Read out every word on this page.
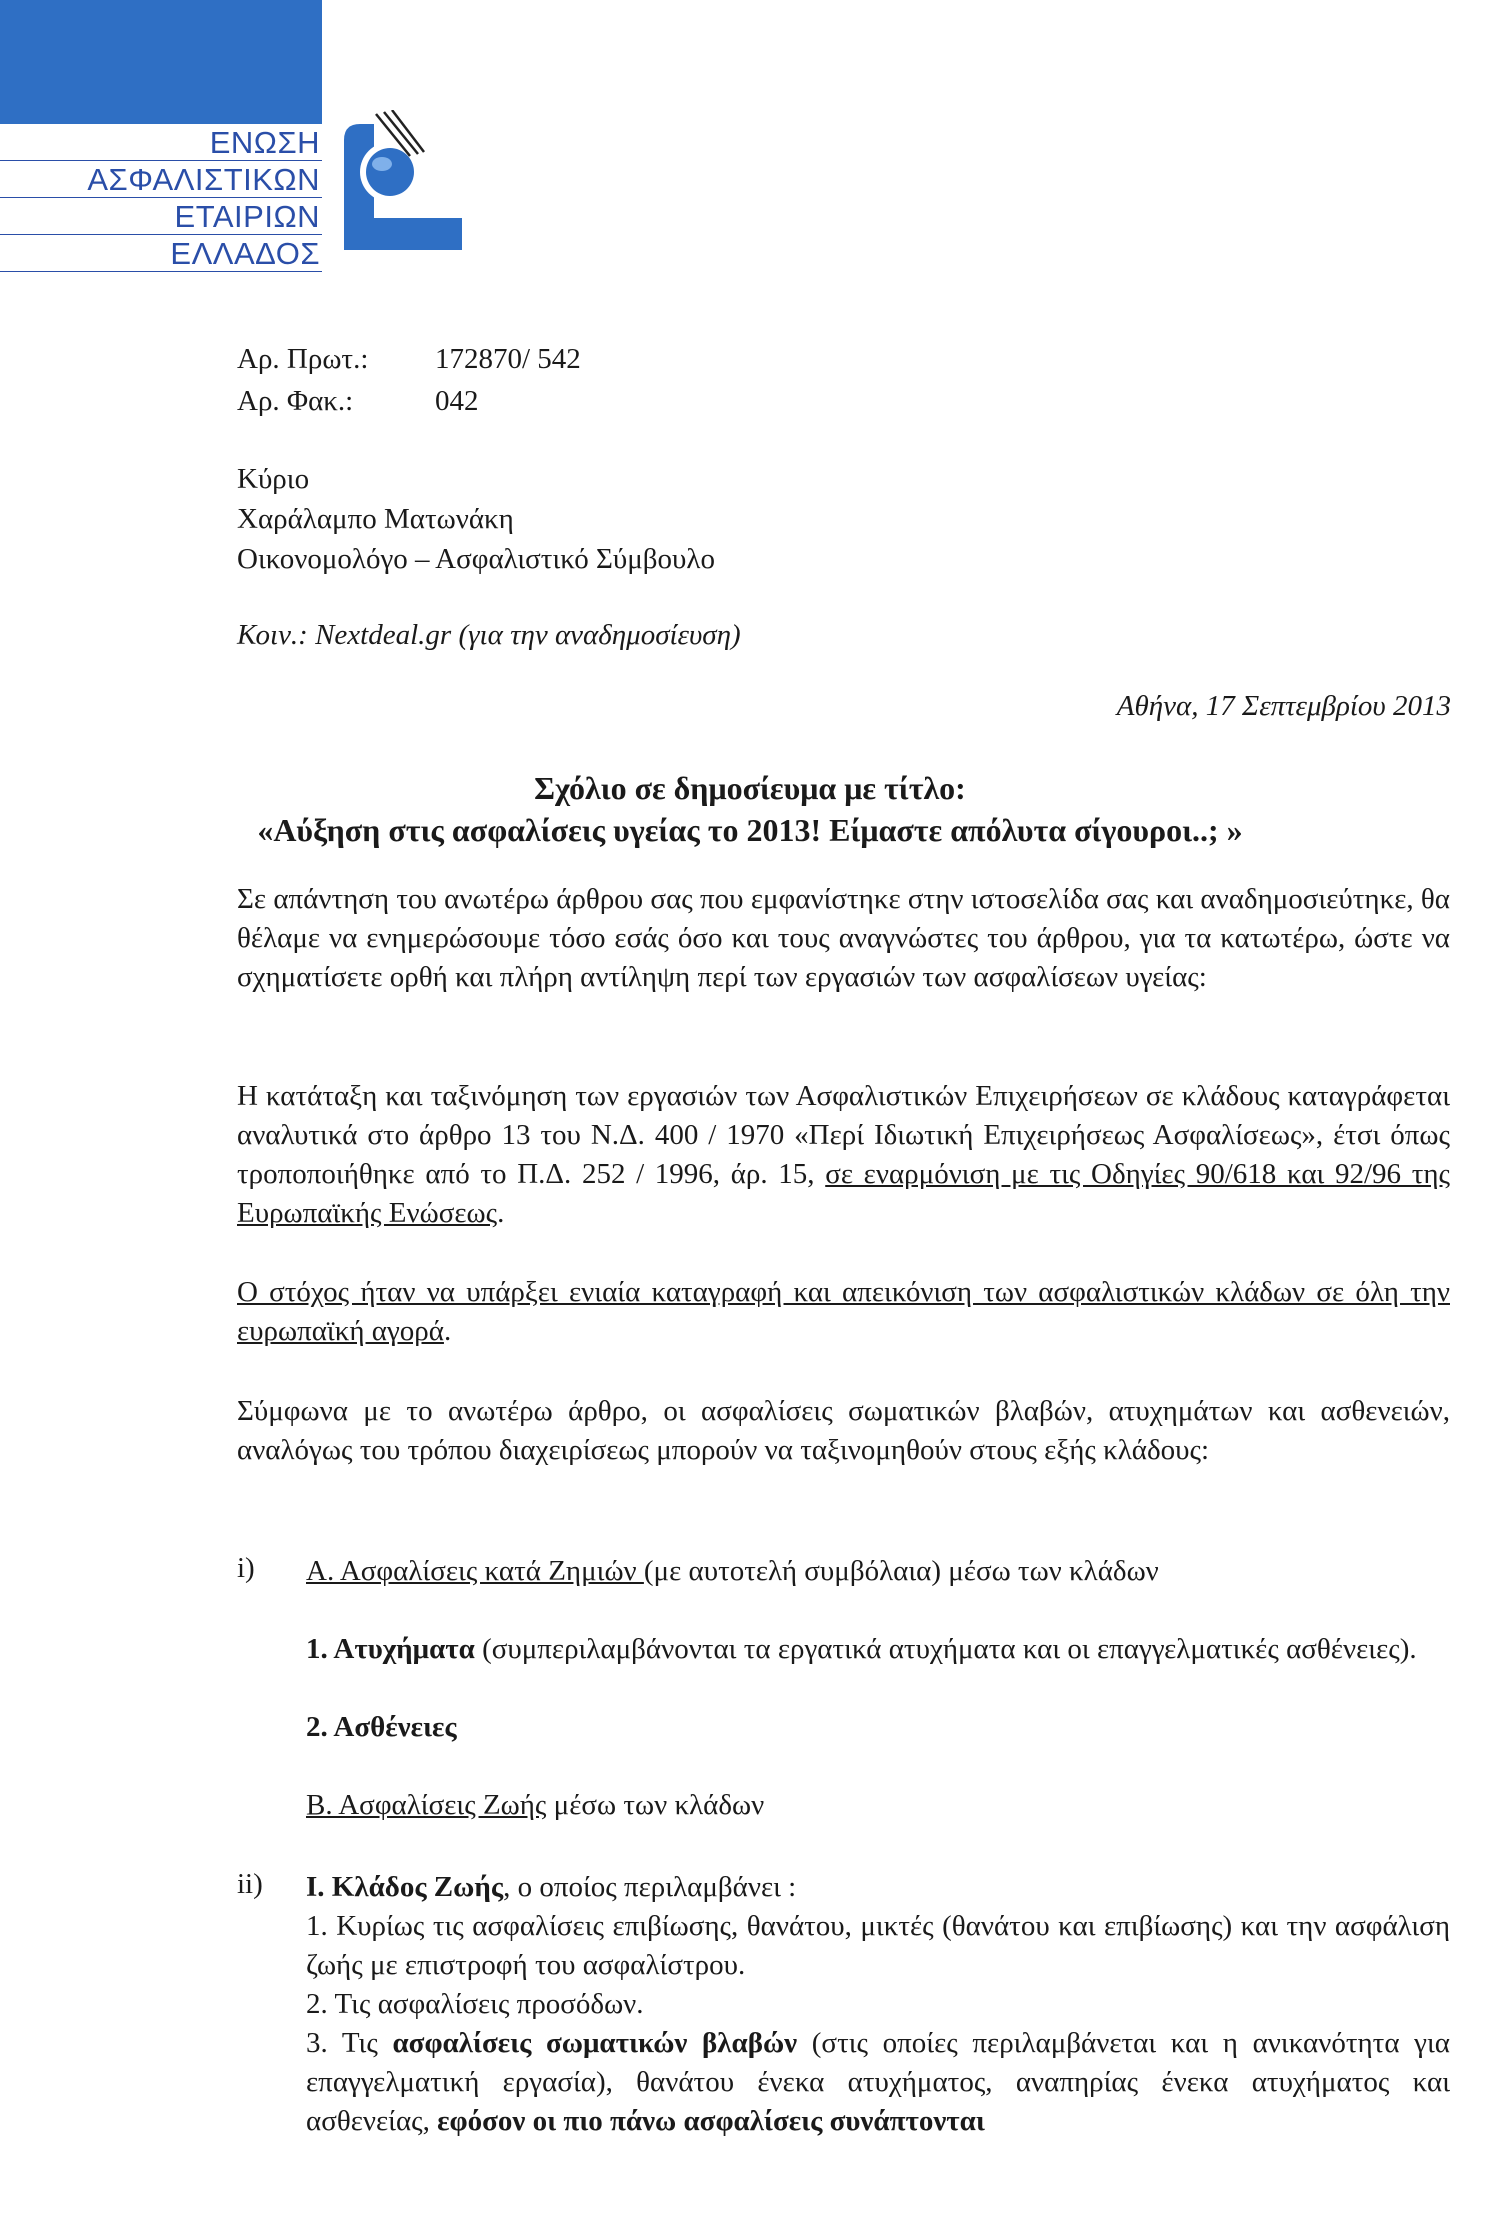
ΕΝΩΣΗ
ΑΣΦΑΛΙΣΤΙΚΩΝ
ΕΤΑΙΡΙΩΝ
ΕΛΛΑΔΟΣ
Αρ. Πρωτ.: 172870/ 542
Αρ. Φακ.:	042
Κύριο
Χαράλαμπο Ματωνάκη
Οικονομολόγο – Ασφαλιστικό Σύμβουλο
Κοιν.: Nextdeal.gr (για την αναδημοσίευση)
Αθήνα, 17 Σεπτεμβρίου 2013
Σχόλιο σε δημοσίευμα με τίτλο:
«Αύξηση στις ασφαλίσεις υγείας το 2013! Είμαστε απόλυτα σίγουροι..; »
Σε απάντηση του ανωτέρω άρθρου σας που εμφανίστηκε στην ιστοσελίδα σας και αναδημοσιεύτηκε, θα θέλαμε να ενημερώσουμε τόσο εσάς όσο και τους αναγνώστες του άρθρου, για τα κατωτέρω, ώστε να σχηματίσετε ορθή και πλήρη αντίληψη περί των εργασιών των ασφαλίσεων υγείας:
Η κατάταξη και ταξινόμηση των εργασιών των Ασφαλιστικών Επιχειρήσεων σε κλάδους καταγράφεται αναλυτικά στο άρθρο 13 του Ν.Δ. 400 / 1970 «Περί Ιδιωτική Επιχειρήσεως Ασφαλίσεως», έτσι όπως τροποποιήθηκε από το Π.Δ. 252 / 1996, άρ. 15, σε εναρμόνιση με τις Οδηγίες 90/618 και 92/96 της Ευρωπαϊκής Ενώσεως.
Ο στόχος ήταν να υπάρξει ενιαία καταγραφή και απεικόνιση των ασφαλιστικών κλάδων σε όλη την ευρωπαϊκή αγορά.
Σύμφωνα με το ανωτέρω άρθρο, οι ασφαλίσεις σωματικών βλαβών, ατυχημάτων και ασθενειών, αναλόγως του τρόπου διαχειρίσεως μπορούν να ταξινομηθούν στους εξής κλάδους:
i) Α. Ασφαλίσεις κατά Ζημιών (με αυτοτελή συμβόλαια) μέσω των κλάδων
1. Ατυχήματα (συμπεριλαμβάνονται τα εργατικά ατυχήματα και οι επαγγελματικές ασθένειες).
2. Ασθένειες
Β. Ασφαλίσεις Ζωής μέσω των κλάδων
ii) Ι. Κλάδος Ζωής, ο οποίος περιλαμβάνει :
1. Κυρίως τις ασφαλίσεις επιβίωσης, θανάτου, μικτές (θανάτου και επιβίωσης) και την ασφάλιση ζωής με επιστροφή του ασφαλίστρου.
2. Τις ασφαλίσεις προσόδων.
3. Τις ασφαλίσεις σωματικών βλαβών (στις οποίες περιλαμβάνεται και η ανικανότητα για επαγγελματική εργασία), θανάτου ένεκα ατυχήματος, αναπηρίας ένεκα ατυχήματος και ασθενείας, εφόσον οι πιο πάνω ασφαλίσεις συνάπτονται
